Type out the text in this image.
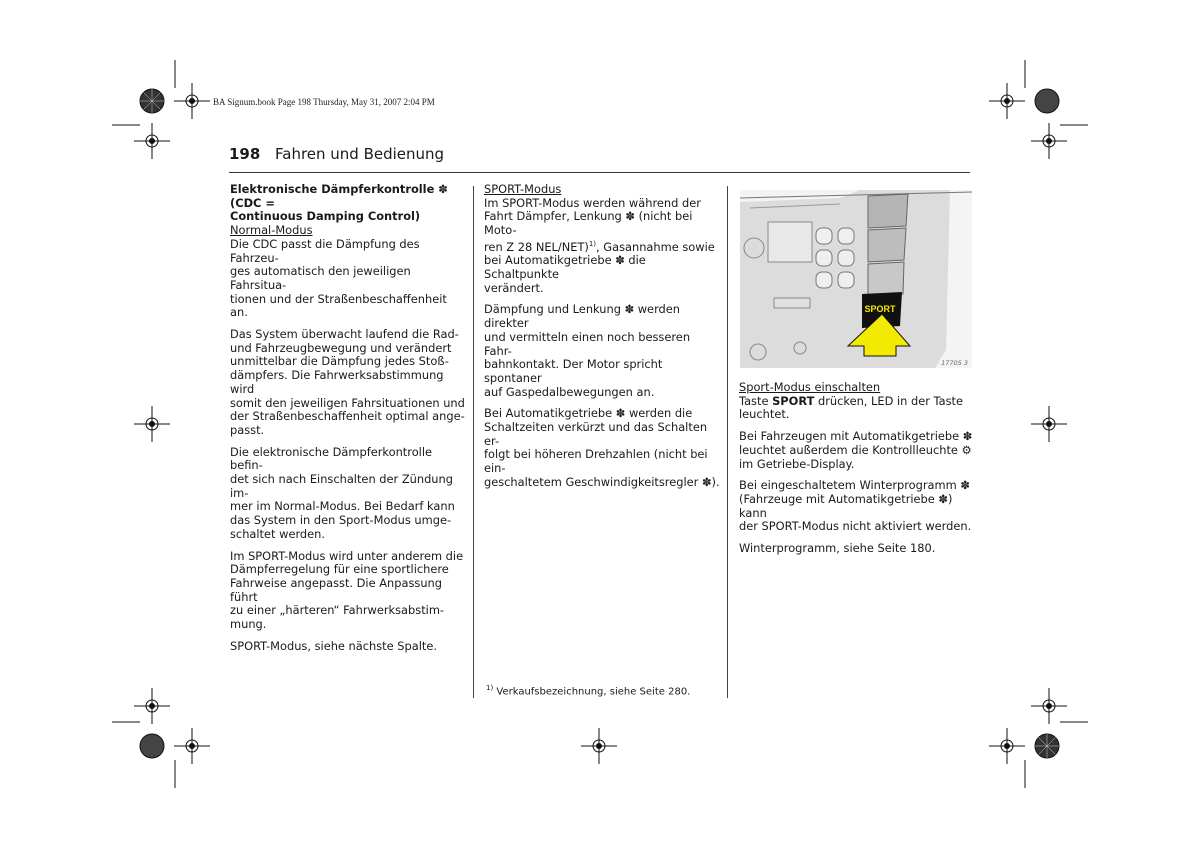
BA Signum.book Page 198 Thursday, May 31, 2007 2:04 PM
198 Fahren und Bedienung
Elektronische Dämpferkontrolle ✽ (CDC =
Continuous Damping Control)
Normal-Modus

Die CDC passt die Dämpfung des Fahrzeu-
ges automatisch den jeweiligen Fahrsitua-
tionen und der Straßenbeschaffenheit an.

Das System überwacht laufend die Rad-
und Fahrzeugbewegung und verändert
unmittelbar die Dämpfung jedes Stoß-
dämpfers. Die Fahrwerksabstimmung wird
somit den jeweiligen Fahrsituationen und
der Straßenbeschaffenheit optimal ange-
passt.

Die elektronische Dämpferkontrolle befin-
det sich nach Einschalten der Zündung im-
mer im Normal-Modus. Bei Bedarf kann
das System in den Sport-Modus umge-
schaltet werden.

Im SPORT-Modus wird unter anderem die
Dämpferregelung für eine sportlichere
Fahrweise angepasst. Die Anpassung führt
zu einer „härteren“ Fahrwerksabstim-
mung.

SPORT-Modus, siehe nächste Spalte.

SPORT-Modus

Im SPORT-Modus werden während der
Fahrt Dämpfer, Lenkung ✽ (nicht bei Moto-
ren Z 28 NEL/NET)$^{1)}$, Gasannahme sowie
bei Automatikgetriebe ✽ die Schaltpunkte
verändert.

Dämpfung und Lenkung ✽ werden direkter
und vermitteln einen noch besseren Fahr-
bahnkontakt. Der Motor spricht spontaner
auf Gaspedalbewegungen an.

Bei Automatikgetriebe ✽ werden die
Schaltzeiten verkürzt und das Schalten er-
folgt bei höheren Drehzahlen (nicht bei ein-
geschaltetem Geschwindigkeitsregler ✽).

$^{1)}$ Verkaufsbezeichnung, siehe Seite 280.
SPORT
17705 3
Sport-Modus einschalten

Taste SPORT drücken, LED in der Taste
leuchtet.

Bei Fahrzeugen mit Automatikgetriebe ✽
leuchtet außerdem die Kontrollleuchte ⚙
im Getriebe-Display.

Bei eingeschaltetem Winterprogramm ✽
(Fahrzeuge mit Automatikgetriebe ✽) kann
der SPORT-Modus nicht aktiviert werden.

Winterprogramm, siehe Seite 180.
